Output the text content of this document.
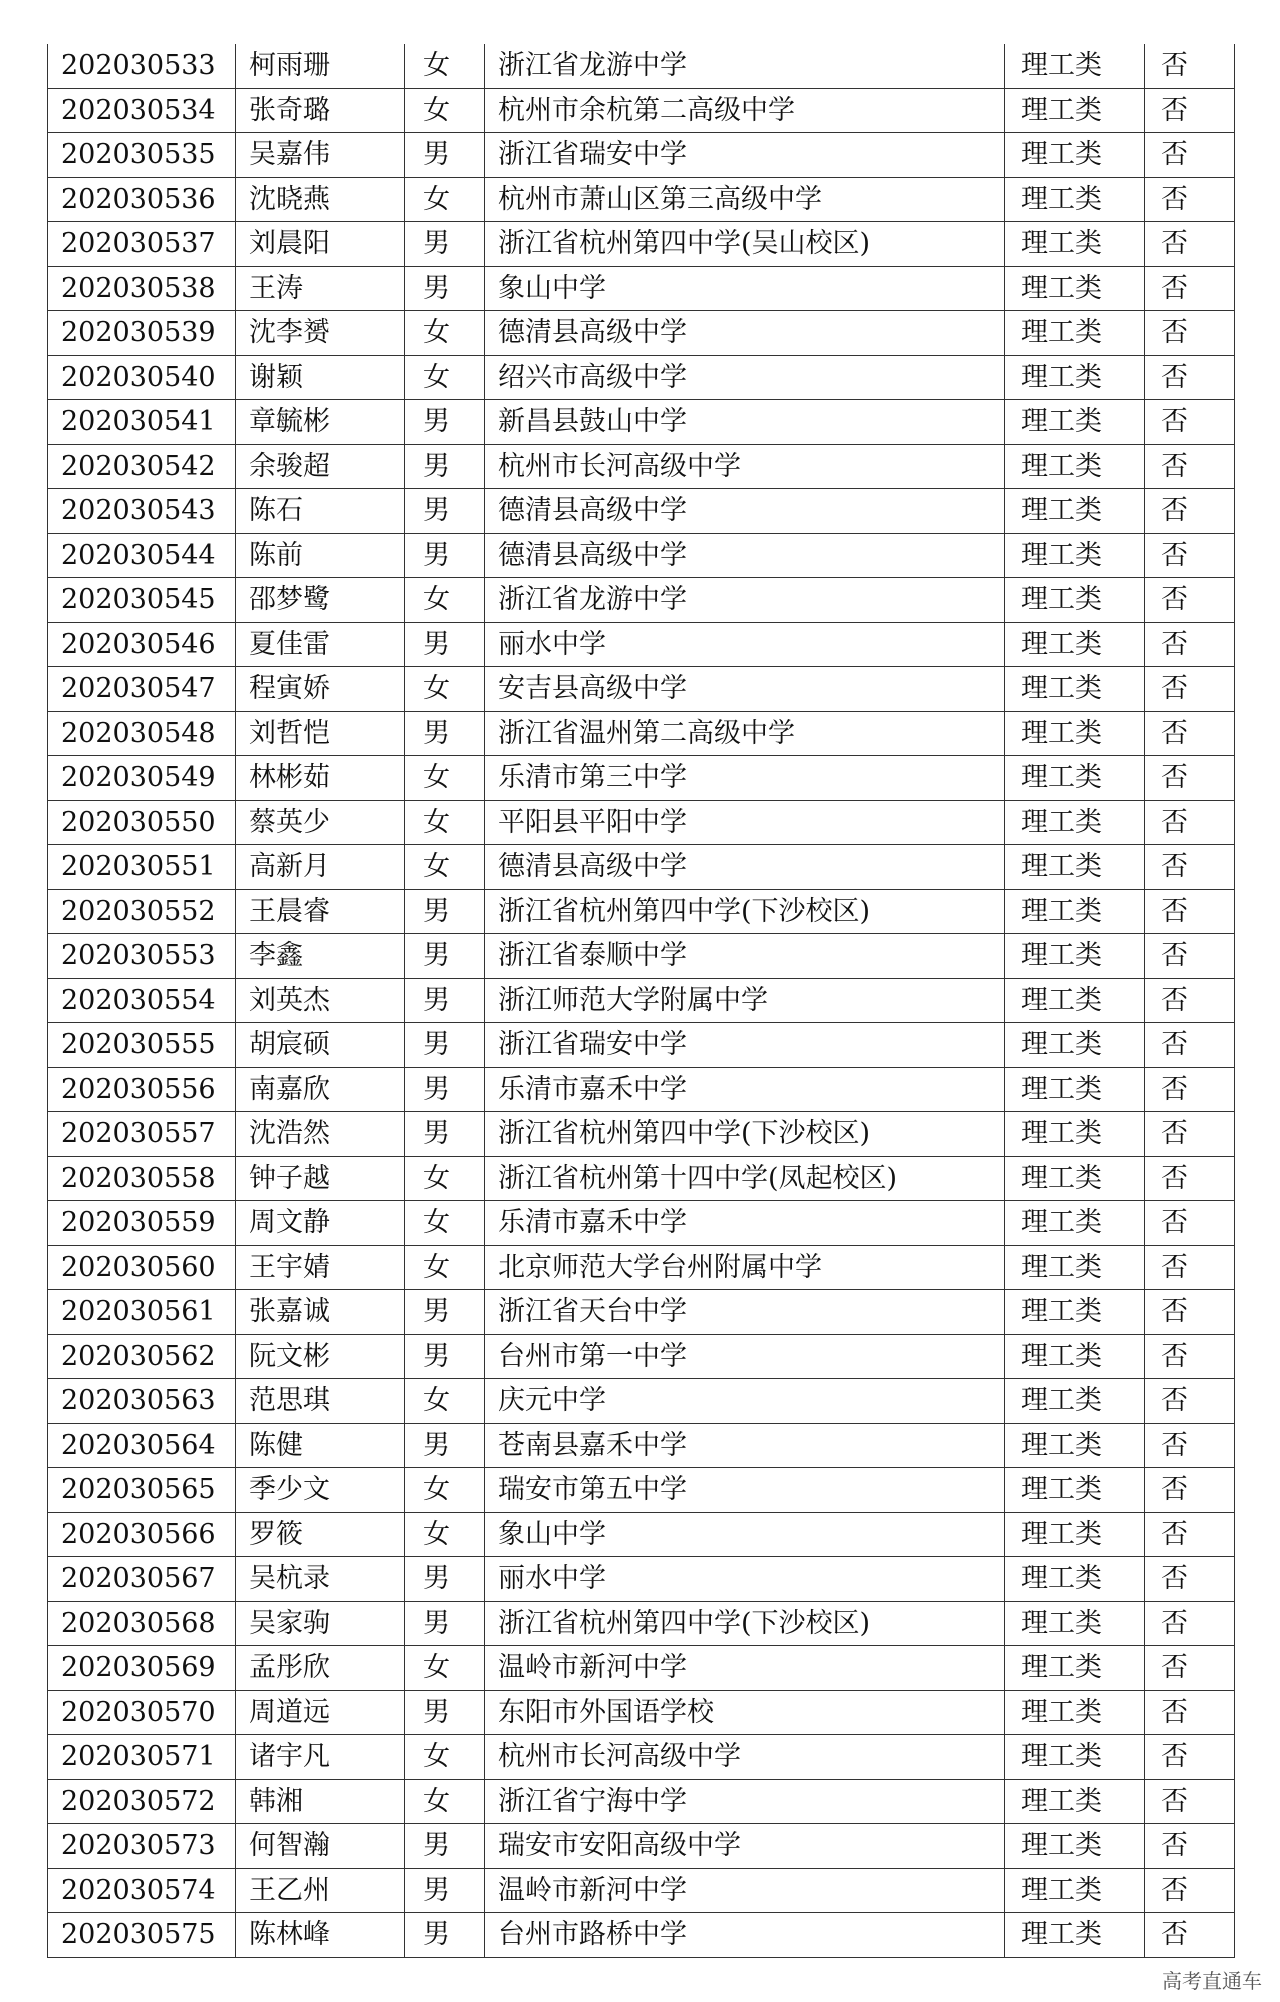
202030533	柯雨珊	女	浙江省龙游中学	理工类	否
202030534	张奇璐	女	杭州市余杭第二高级中学	理工类	否
202030535	吴嘉伟	男	浙江省瑞安中学	理工类	否
202030536	沈晓燕	女	杭州市萧山区第三高级中学	理工类	否
202030537	刘晨阳	男	浙江省杭州第四中学(吴山校区)	理工类	否
202030538	王涛	男	象山中学	理工类	否
202030539	沈李赟	女	德清县高级中学	理工类	否
202030540	谢颖	女	绍兴市高级中学	理工类	否
202030541	章毓彬	男	新昌县鼓山中学	理工类	否
202030542	余骏超	男	杭州市长河高级中学	理工类	否
202030543	陈石	男	德清县高级中学	理工类	否
202030544	陈前	男	德清县高级中学	理工类	否
202030545	邵梦鹭	女	浙江省龙游中学	理工类	否
202030546	夏佳雷	男	丽水中学	理工类	否
202030547	程寅娇	女	安吉县高级中学	理工类	否
202030548	刘哲恺	男	浙江省温州第二高级中学	理工类	否
202030549	林彬茹	女	乐清市第三中学	理工类	否
202030550	蔡英少	女	平阳县平阳中学	理工类	否
202030551	高新月	女	德清县高级中学	理工类	否
202030552	王晨睿	男	浙江省杭州第四中学(下沙校区)	理工类	否
202030553	李鑫	男	浙江省泰顺中学	理工类	否
202030554	刘英杰	男	浙江师范大学附属中学	理工类	否
202030555	胡宸硕	男	浙江省瑞安中学	理工类	否
202030556	南嘉欣	男	乐清市嘉禾中学	理工类	否
202030557	沈浩然	男	浙江省杭州第四中学(下沙校区)	理工类	否
202030558	钟子越	女	浙江省杭州第十四中学(凤起校区)	理工类	否
202030559	周文静	女	乐清市嘉禾中学	理工类	否
202030560	王宇婧	女	北京师范大学台州附属中学	理工类	否
202030561	张嘉诚	男	浙江省天台中学	理工类	否
202030562	阮文彬	男	台州市第一中学	理工类	否
202030563	范思琪	女	庆元中学	理工类	否
202030564	陈健	男	苍南县嘉禾中学	理工类	否
202030565	季少文	女	瑞安市第五中学	理工类	否
202030566	罗筱	女	象山中学	理工类	否
202030567	吴杭录	男	丽水中学	理工类	否
202030568	吴家驹	男	浙江省杭州第四中学(下沙校区)	理工类	否
202030569	孟彤欣	女	温岭市新河中学	理工类	否
202030570	周道远	男	东阳市外国语学校	理工类	否
202030571	诸宇凡	女	杭州市长河高级中学	理工类	否
202030572	韩湘	女	浙江省宁海中学	理工类	否
202030573	何智瀚	男	瑞安市安阳高级中学	理工类	否
202030574	王乙州	男	温岭市新河中学	理工类	否
202030575	陈林峰	男	台州市路桥中学	理工类	否
高考直通车
